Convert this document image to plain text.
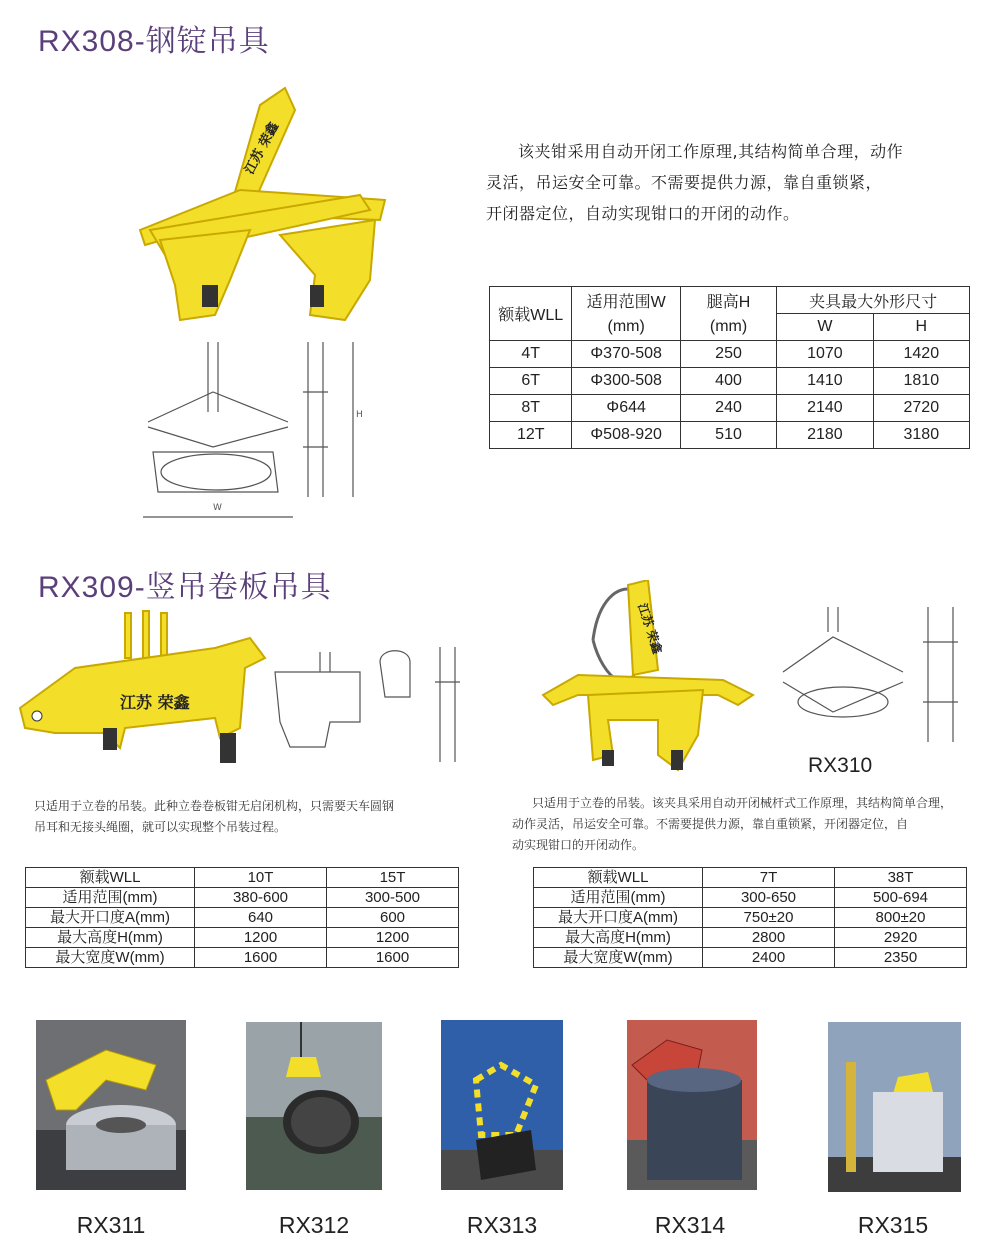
RX308-钢锭吊具
江苏 荣鑫
W
H
该夹钳采用自动开闭工作原理,其结构简单合理，动作
灵活，吊运安全可靠。不需要提供力源，靠自重锁紧，
开闭器定位，自动实现钳口的开闭的动作。
额载WLL	适用范围W	腿高H	夹具最大外形尺寸	
	(mm)	(mm)	W	H
4T	Φ370-508	250	1070	1420
6T	Φ300-508	400	1410	1810
8T	Φ644	240	2140	2720
12T	Φ508-920	510	2180	3180
RX309-竖吊卷板吊具
江苏 荣鑫
只适用于立卷的吊装。此种立卷卷板钳无启闭机构，只需要天车圆钢
吊耳和无接头绳圈，就可以实现整个吊装过程。
额载WLL	10T	15T
适用范围(mm)	380-600	300-500
最大开口度A(mm)	640	600
最大高度H(mm)	1200	1200
最大宽度W(mm)	1600	1600
江苏 荣鑫
RX310
只适用于立卷的吊装。该夹具采用自动开闭械杆式工作原理，其结构简单合理，
动作灵活，吊运安全可靠。不需要提供力源，靠自重锁紧，开闭器定位，自
动实现钳口的开闭动作。
额载WLL	7T	38T
适用范围(mm)	300-650	500-694
最大开口度A(mm)	750±20	800±20
最大高度H(mm)	2800	2920
最大宽度W(mm)	2400	2350
RX311	RX312	RX313	RX314	RX315
